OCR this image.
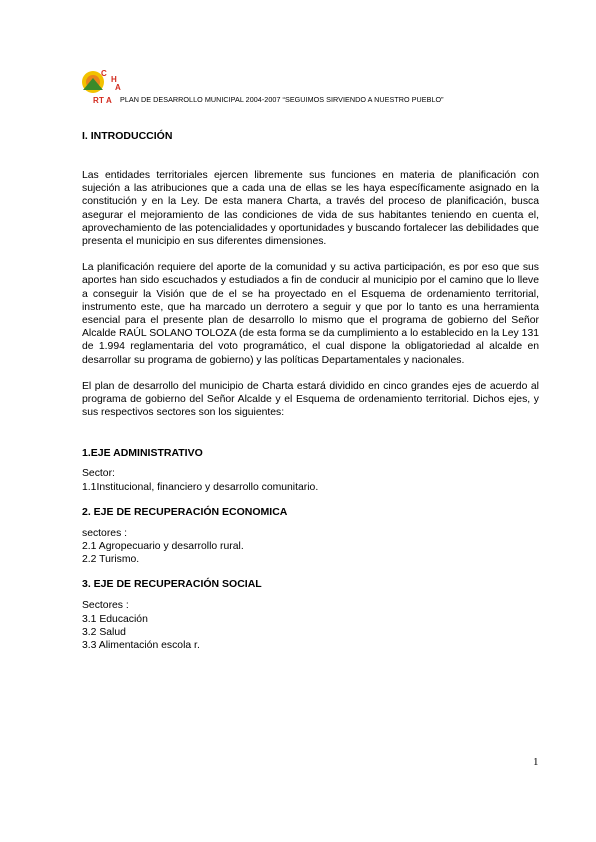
C
H
A
R T A PLAN DE DESARROLLO MUNICIPAL 2004-2007 “SEGUIMOS SIRVIENDO A NUESTRO PUEBLO”
I. INTRODUCCIÓN

Las entidades territoriales ejercen libremente sus funciones en materia de planificación con sujeción a las atribuciones que a cada una de ellas se les haya específicamente asignado en la constitución y en la Ley. De esta manera Charta, a través del proceso de planificación, busca asegurar el mejoramiento de las condiciones de vida de sus habitantes teniendo en cuenta el, aprovechamiento de las potencialidades y oportunidades y buscando fortalecer las debilidades que presenta el municipio en sus diferentes dimensiones.

La planificación requiere del aporte de la comunidad y su activa participación, es por eso que sus aportes han sido escuchados y estudiados a fin de conducir al municipio por el camino que lo lleve a conseguir la Visión que de el se ha proyectado en el Esquema de ordenamiento territorial, instrumento este, que ha marcado un derrotero a seguir y que por lo tanto es una herramienta esencial para el presente plan de desarrollo lo mismo que el programa de gobierno del Señor Alcalde RAÚL SOLANO TOLOZA (de esta forma se da cumplimiento a lo establecido en la Ley 131 de 1.994 reglamentaria del voto programático, el cual dispone la obligatoriedad al alcalde en desarrollar su programa de gobierno) y las políticas Departamentales y nacionales.

El plan de desarrollo del municipio de Charta estará dividido en cinco grandes ejes de acuerdo al programa de gobierno del Señor Alcalde y el Esquema de ordenamiento territorial. Dichos ejes, y sus respectivos sectores son los siguientes:

1.EJE ADMINISTRATIVO
Sector:
1.1Institucional, financiero y desarrollo comunitario.
2. EJE DE RECUPERACIÓN ECONOMICA
sectores :
2.1 Agropecuario y desarrollo rural.
2.2 Turismo.
3. EJE DE RECUPERACIÓN SOCIAL
Sectores :
3.1 Educación
3.2 Salud
3.3 Alimentación escola r.
1
